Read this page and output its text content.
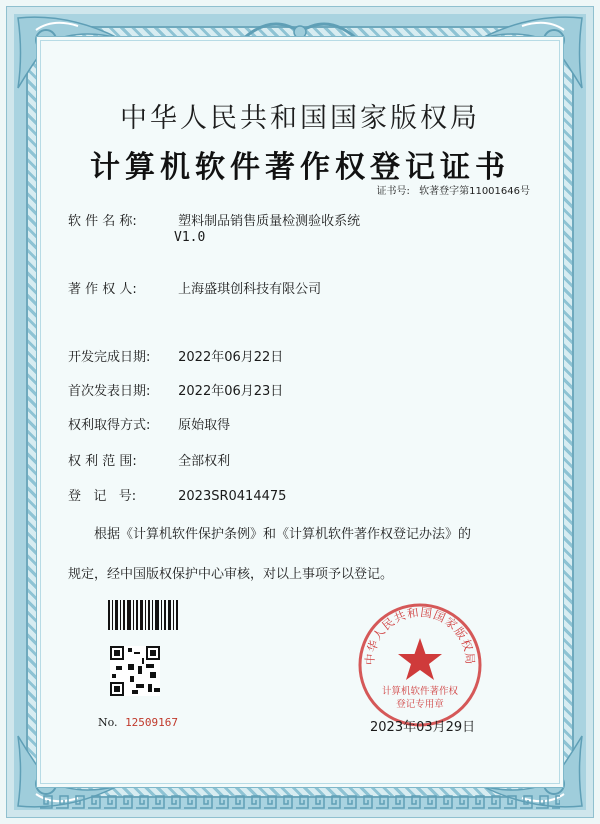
中华人民共和国国家版权局
计算机软件著作权登记证书
证书号: 软著登字第11001646号
软 件 名 称:	塑料制品销售质量检测验收系统
V1.0
著 作 权 人:	上海盛琪创科技有限公司
开发完成日期: 2022年06月22日
首次发表日期: 2022年06月23日
权利取得方式: 原始取得
权 利 范 围:	全部权利
登   记   号:	2023SR0414475
根据《计算机软件保护条例》和《计算机软件著作权登记办法》的
规定，经中国版权保护中心审核，对以上事项予以登记。
No. 12509167
中华人民共和国国家版权局
计算机软件著作权
登记专用章
2023年03月29日
